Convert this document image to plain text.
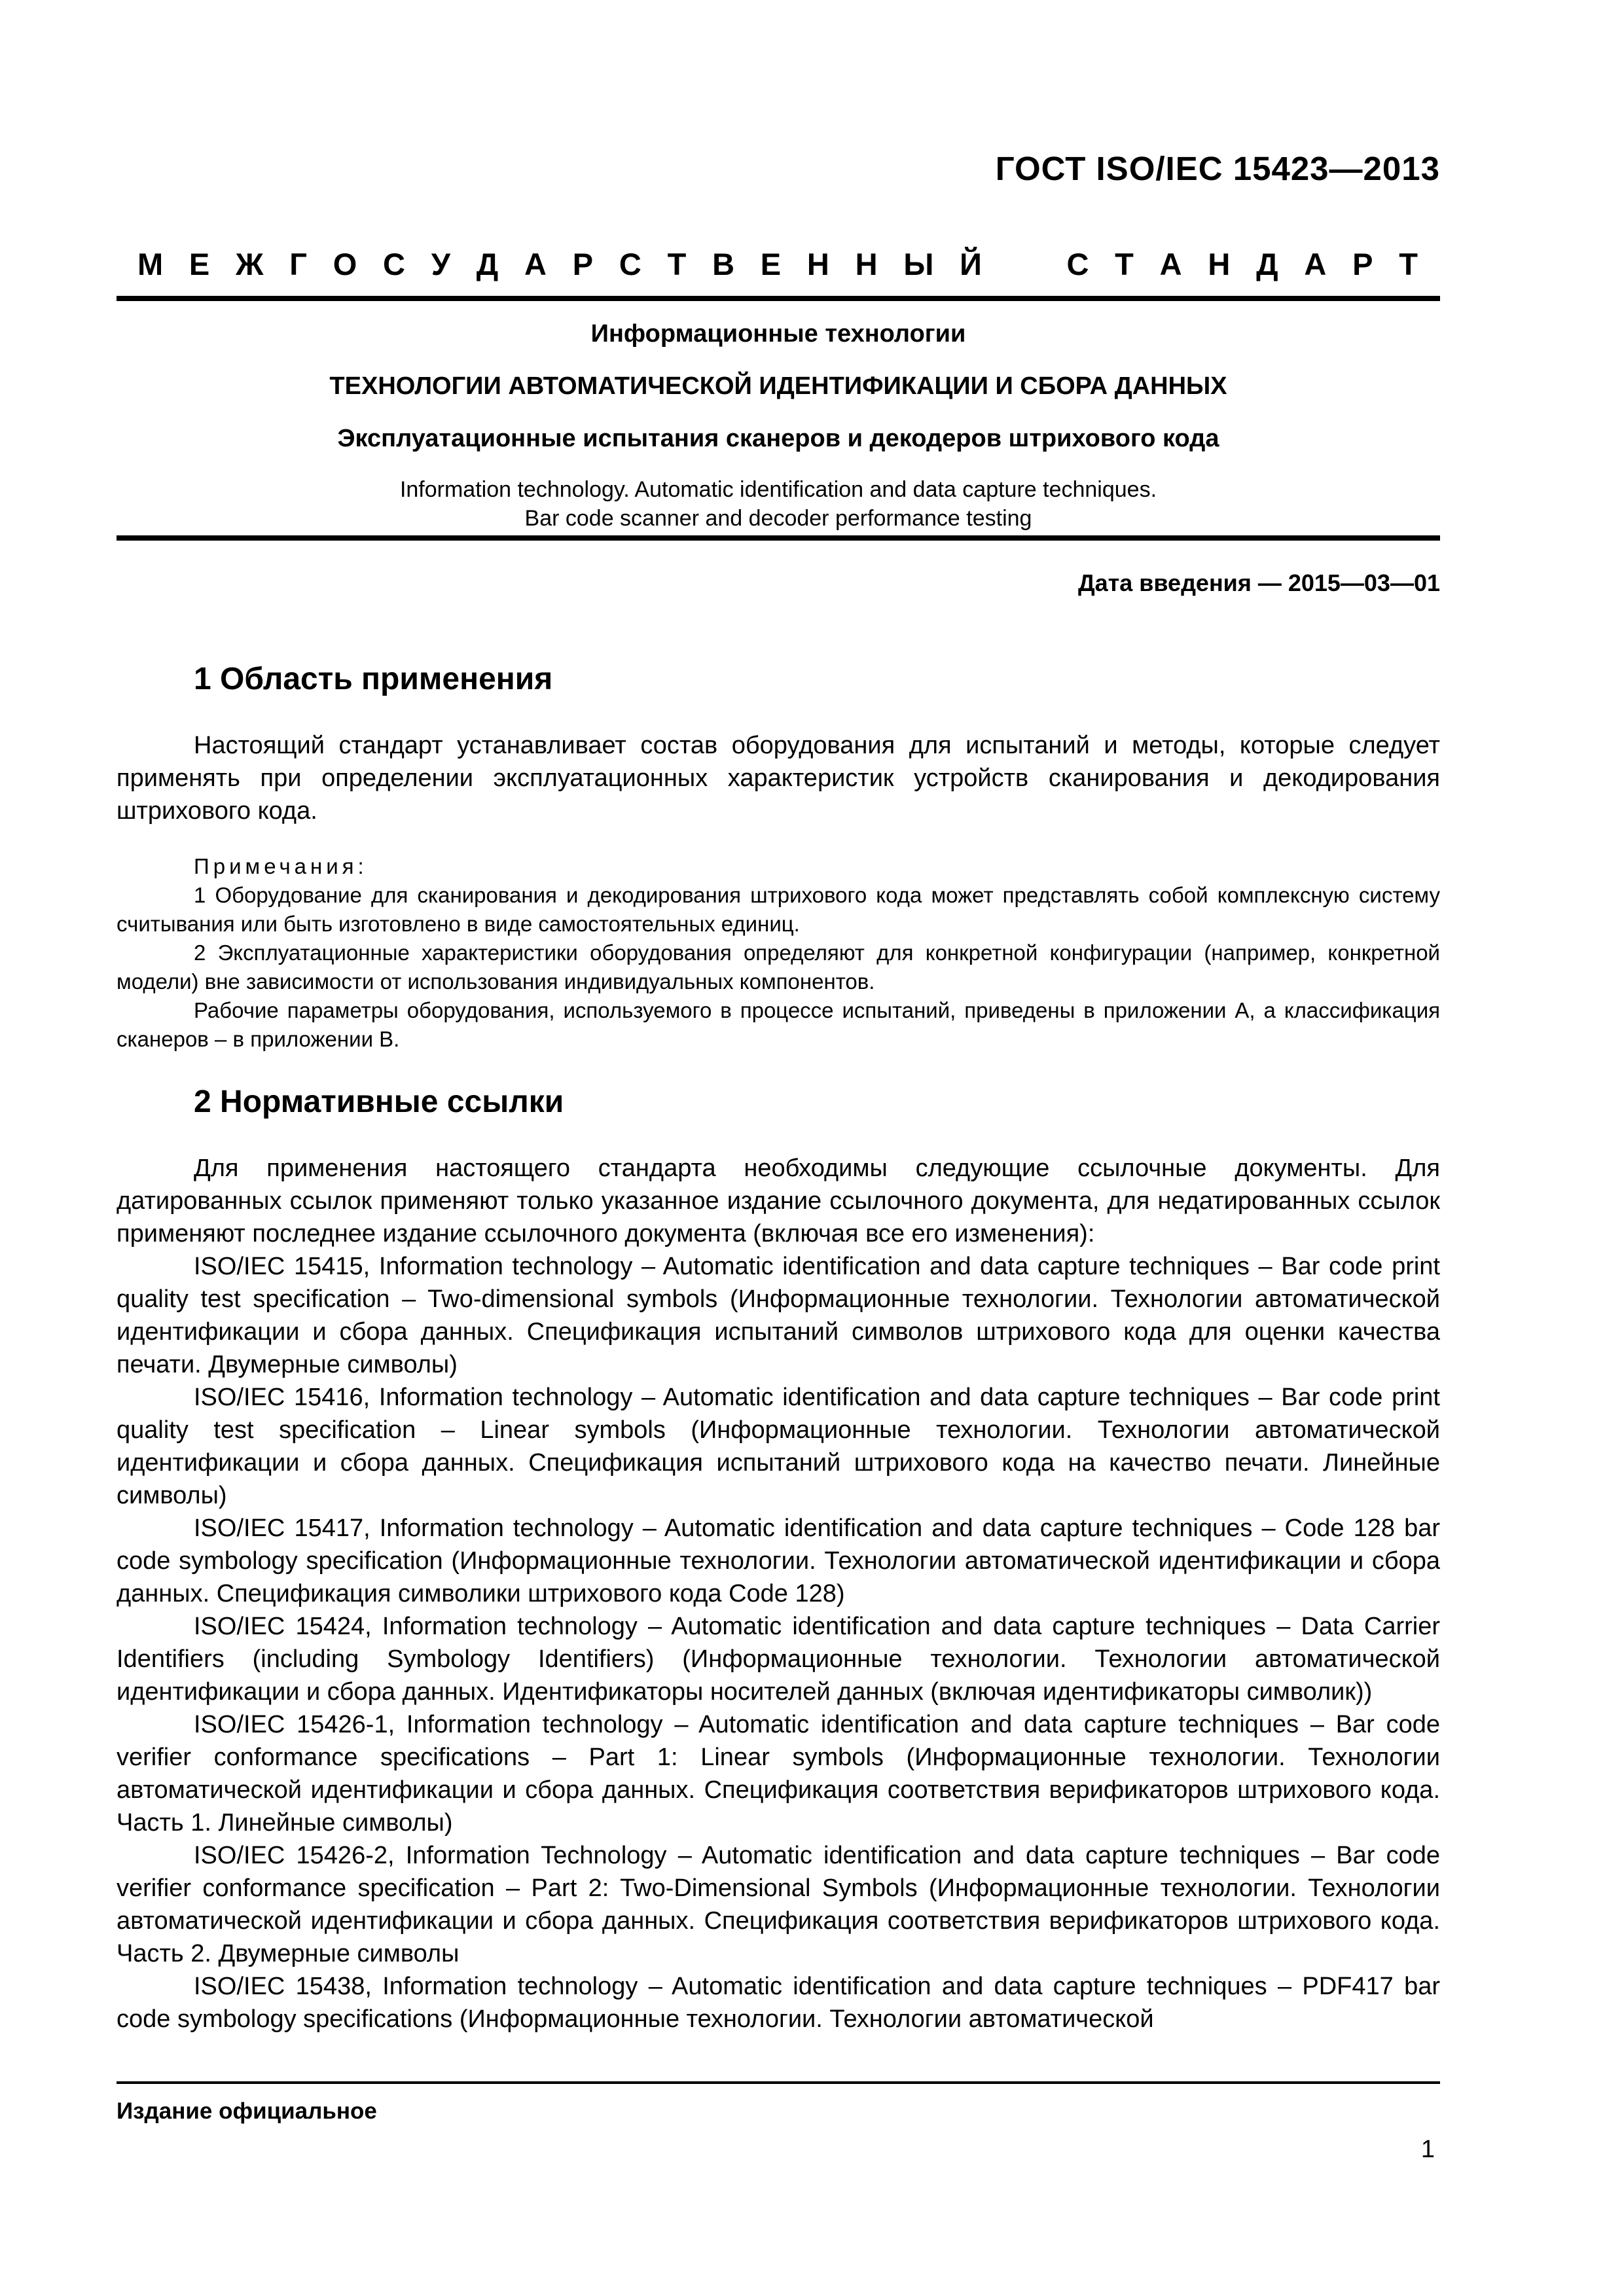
ГОСТ ISO/IEC 15423—2013
М Е Ж Г О С У Д А Р С Т В Е Н Н Ы Й	С Т А Н Д А Р Т
Информационные технологии
ТЕХНОЛОГИИ АВТОМАТИЧЕСКОЙ ИДЕНТИФИКАЦИИ И СБОРА ДАННЫХ
Эксплуатационные испытания сканеров и декодеров штрихового кода
Information technology. Automatic identification and data capture techniques.
Bar code scanner and decoder performance testing
Дата введения — 2015—03—01
1 Область применения

Настоящий стандарт устанавливает состав оборудования для испытаний и методы, которые следует применять при определении эксплуатационных характеристик устройств сканирования и декодирования штрихового кода.

Примечания:

1 Оборудование для сканирования и декодирования штрихового кода может представлять собой комплексную систему считывания или быть изготовлено в виде самостоятельных единиц.

2 Эксплуатационные характеристики оборудования определяют для конкретной конфигурации (например, конкретной модели) вне зависимости от использования индивидуальных компонентов.

Рабочие параметры оборудования, используемого в процессе испытаний, приведены в приложении А, а классификация сканеров – в приложении В.

2 Нормативные ссылки

Для применения настоящего стандарта необходимы следующие ссылочные документы. Для датированных ссылок применяют только указанное издание ссылочного документа, для недатированных ссылок применяют последнее издание ссылочного документа (включая все его изменения):

ISO/IEC 15415, Information technology – Automatic identification and data capture techniques – Bar code print quality test specification – Two-dimensional symbols (Информационные технологии. Технологии автоматической идентификации и сбора данных. Спецификация испытаний символов штрихового кода для оценки качества печати. Двумерные символы)

ISO/IEC 15416, Information technology – Automatic identification and data capture techniques – Bar code print quality test specification – Linear symbols (Информационные технологии. Технологии автоматической идентификации и сбора данных. Спецификация испытаний штрихового кода на качество печати. Линейные символы)

ISO/IEC 15417, Information technology – Automatic identification and data capture techniques – Code 128 bar code symbology specification (Информационные технологии. Технологии автоматической идентификации и сбора данных. Спецификация символики штрихового кода Code 128)

ISO/IEC 15424, Information technology – Automatic identification and data capture techniques – Data Carrier Identifiers (including Symbology Identifiers) (Информационные технологии. Технологии автоматической идентификации и сбора данных. Идентификаторы носителей данных (включая идентификаторы символик))

ISO/IEC 15426-1, Information technology – Automatic identification and data capture techniques – Bar code verifier conformance specifications – Part 1: Linear symbols (Информационные технологии. Технологии автоматической идентификации и сбора данных. Спецификация соответствия верификаторов штрихового кода. Часть 1. Линейные символы)

ISO/IEC 15426-2, Information Technology – Automatic identification and data capture techniques – Bar code verifier conformance specification – Part 2: Two-Dimensional Symbols (Информационные технологии. Технологии автоматической идентификации и сбора данных. Спецификация соответствия верификаторов штрихового кода. Часть 2. Двумерные символы

ISO/IEC 15438, Information technology – Automatic identification and data capture techniques – PDF417 bar code symbology specifications (Информационные технологии. Технологии автоматической

Издание официальное
1
